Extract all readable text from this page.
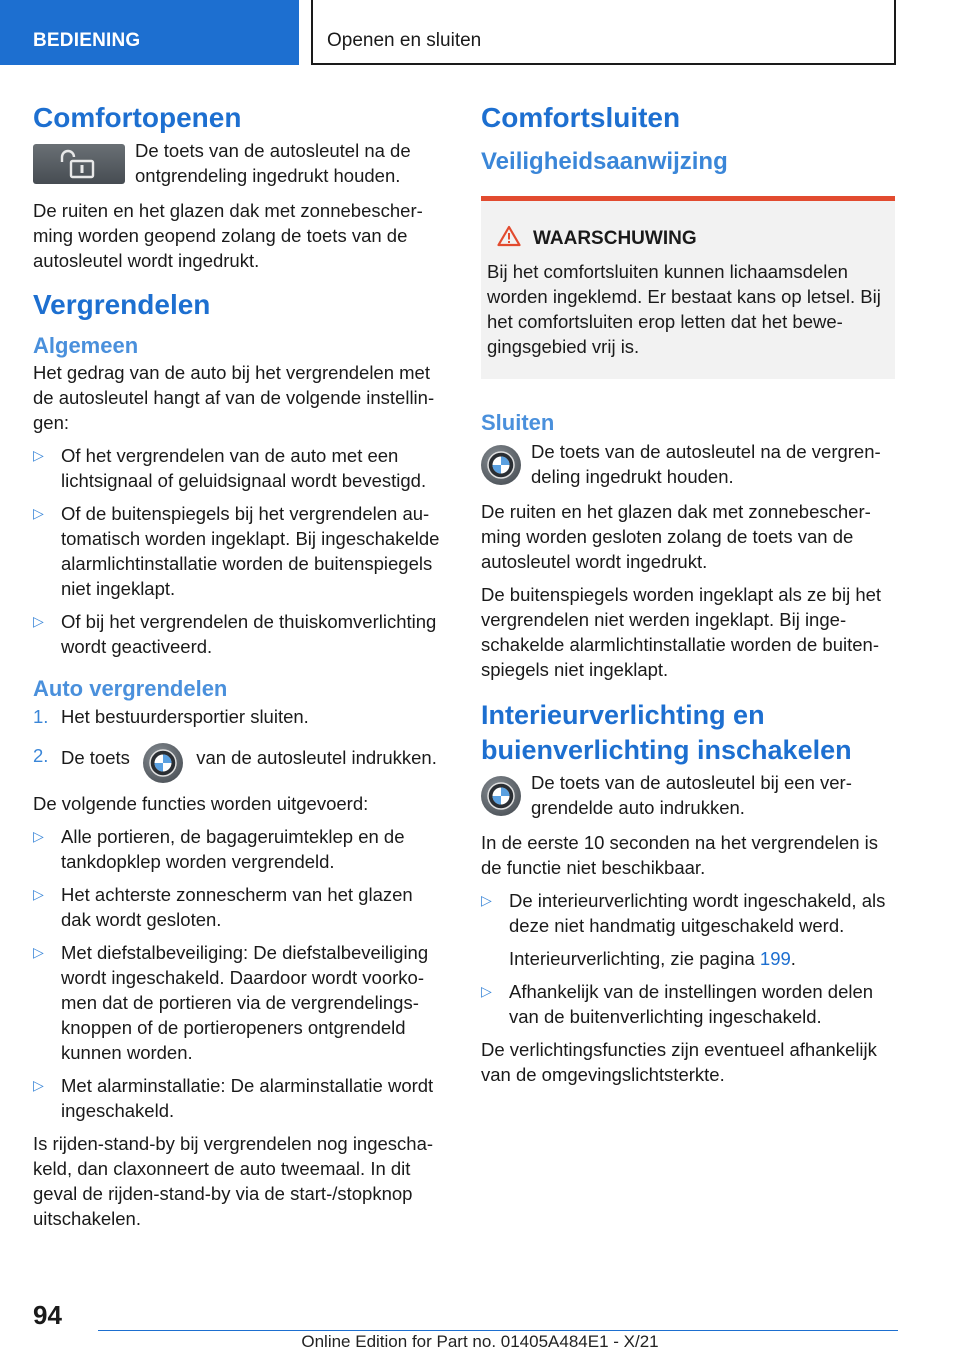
BEDIENING	Openen en sluiten
Comfortopenen
De toets van de autosleutel na de ontgrendeling ingedrukt houden.

De ruiten en het glazen dak met zonnebescherming worden geopend zolang de toets van de autosleutel wordt ingedrukt.

Vergrendelen
Algemeen

Het gedrag van de auto bij het vergrendelen met de autosleutel hangt af van de volgende instellingen:

▷ Of het vergrendelen van de auto met een lichtsignaal of geluidsignaal wordt bevestigd.
▷ Of de buitenspiegels bij het vergrendelen automatisch worden ingeklapt. Bij ingeschakelde alarmlichtinstallatie worden de buitenspiegels niet ingeklapt.
▷ Of bij het vergrendelen de thuiskomverlichting wordt geactiveerd.
Auto vergrendelen
1. Het bestuurdersportier sluiten.
2. De toets	van de autosleutel indrukken.

De volgende functies worden uitgevoerd:

▷ Alle portieren, de bagageruimteklep en de tankdopklep worden vergrendeld.
▷ Het achterste zonnescherm van het glazen dak wordt gesloten.
▷ Met diefstalbeveiliging: De diefstalbeveiliging wordt ingeschakeld. Daardoor wordt voorkomen dat de portieren via de vergrendelingsknoppen of de portieropeners ontgrendeld kunnen worden.
▷ Met alarminstallatie: De alarminstallatie wordt ingeschakeld.

Is rijden-stand-by bij vergrendelen nog ingeschakeld, dan claxonneert de auto tweemaal. In dit geval de rijden-stand-by via de start-/stopknop uitschakelen.

Comfortsluiten
Veiligheidsaanwijzing
WAARSCHUWING

Bij het comfortsluiten kunnen lichaamsdelen worden ingeklemd. Er bestaat kans op letsel. Bij het comfortsluiten erop letten dat het bewegingsgebied vrij is.

Sluiten
De toets van de autosleutel na de vergrendeling ingedrukt houden.

De ruiten en het glazen dak met zonnebescherming worden gesloten zolang de toets van de autosleutel wordt ingedrukt.

De buitenspiegels worden ingeklapt als ze bij het vergrendelen niet werden ingeklapt. Bij ingeschakelde alarmlichtinstallatie worden de buitenspiegels niet ingeklapt.

Interieurverlichting en buienverlichting inschakelen
De toets van de autosleutel bij een vergrendelde auto indrukken.

In de eerste 10 seconden na het vergrendelen is de functie niet beschikbaar.

▷ De interieurverlichting wordt ingeschakeld, als deze niet handmatig uitgeschakeld werd.
Interieurverlichting, zie pagina 199.
▷ Afhankelijk van de instellingen worden delen van de buitenverlichting ingeschakeld.

De verlichtingsfuncties zijn eventueel afhankelijk van de omgevingslichtsterkte.

94
Online Edition for Part no. 01405A484E1 - X/21
